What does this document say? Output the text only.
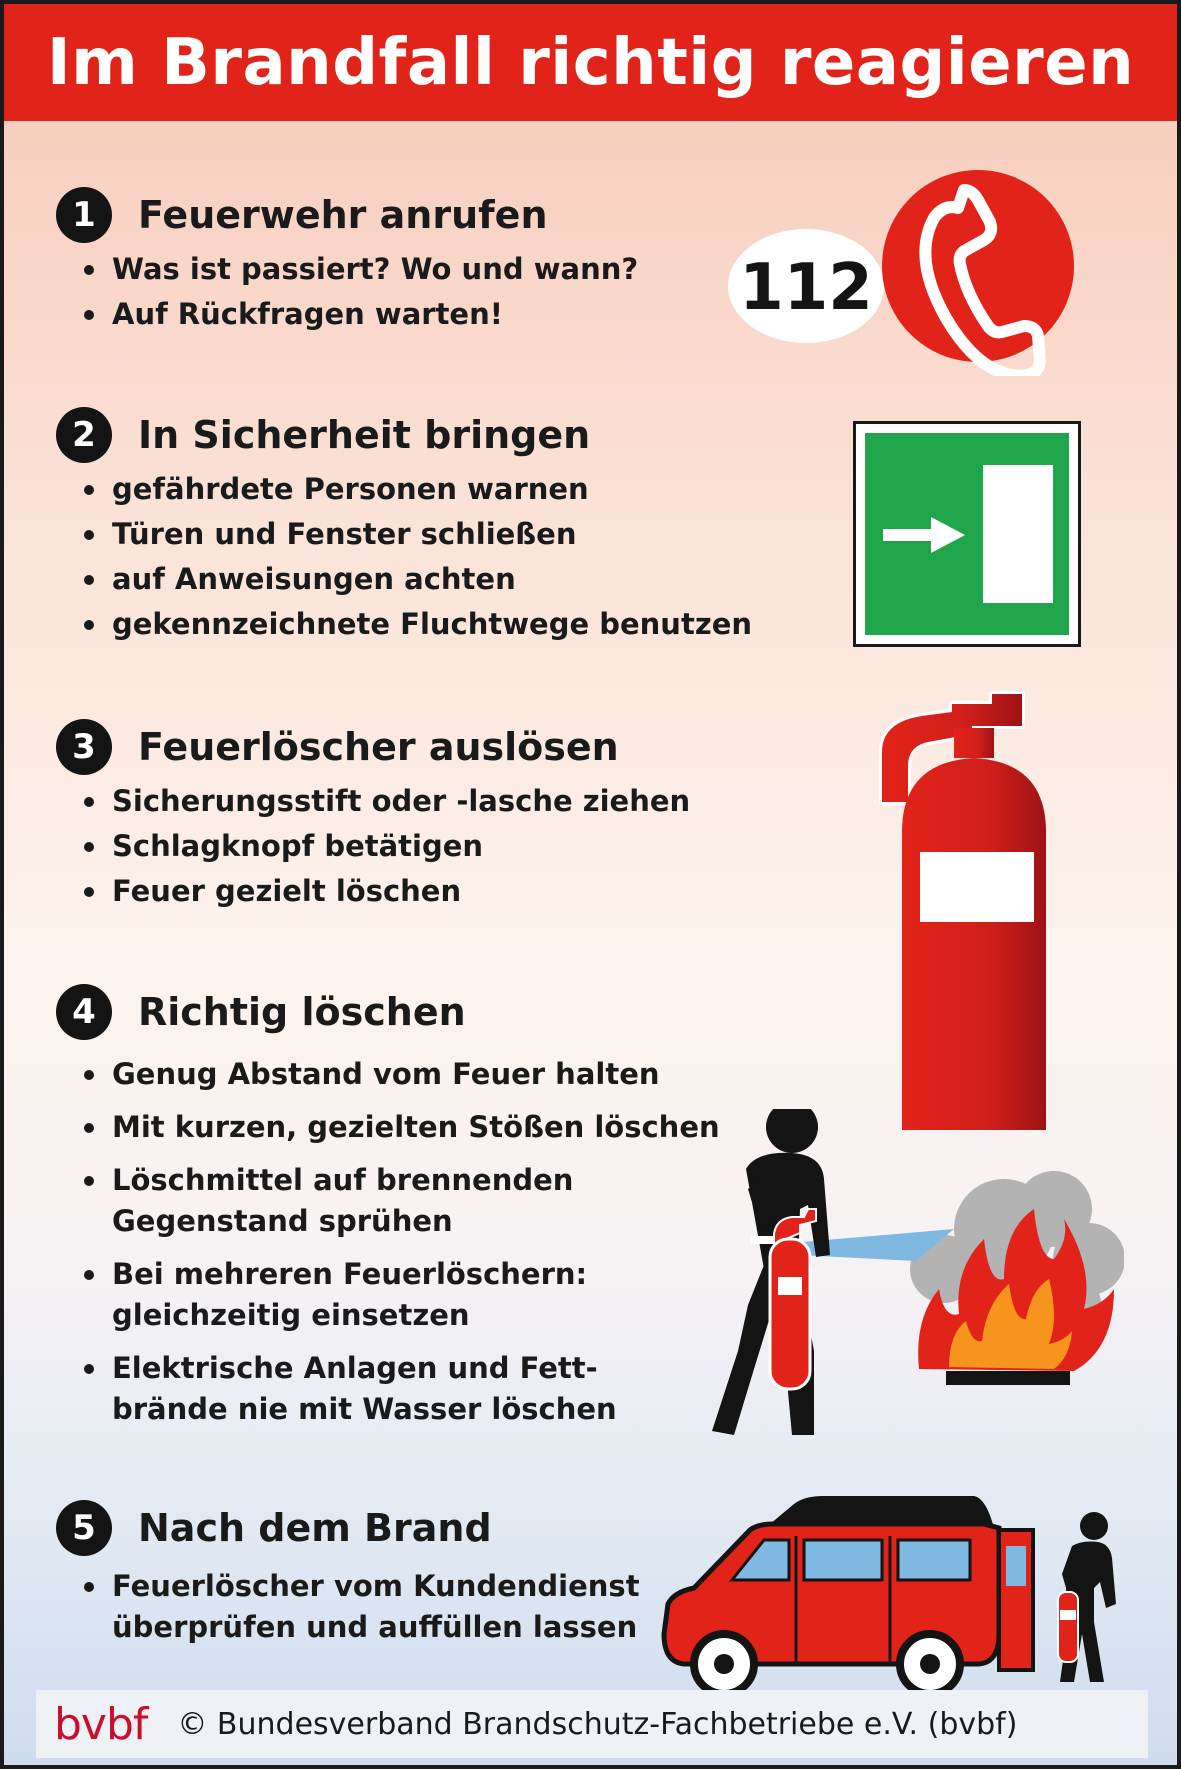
Im Brandfall richtig reagieren
1	Feuerwehr anrufen
Was ist passiert? Wo und wann?
Auf Rückfragen warten!
2	In Sicherheit bringen
gefährdete Personen warnen
Türen und Fenster schließen
auf Anweisungen achten
gekennzeichnete Fluchtwege benutzen
3	Feuerlöscher auslösen
Sicherungsstift oder -lasche ziehen
Schlagknopf betätigen
Feuer gezielt löschen
4	Richtig löschen
Genug Abstand vom Feuer halten
Mit kurzen, gezielten Stößen löschen
Löschmittel auf brennenden
Gegenstand sprühen
Bei mehreren Feuerlöschern:
gleichzeitig einsetzen
Elektrische Anlagen und Fett-
brände nie mit Wasser löschen
5	Nach dem Brand
Feuerlöscher vom Kundendienst
überprüfen und auffüllen lassen
112
bvbf © Bundesverband Brandschutz-Fachbetriebe e.V. (bvbf)
